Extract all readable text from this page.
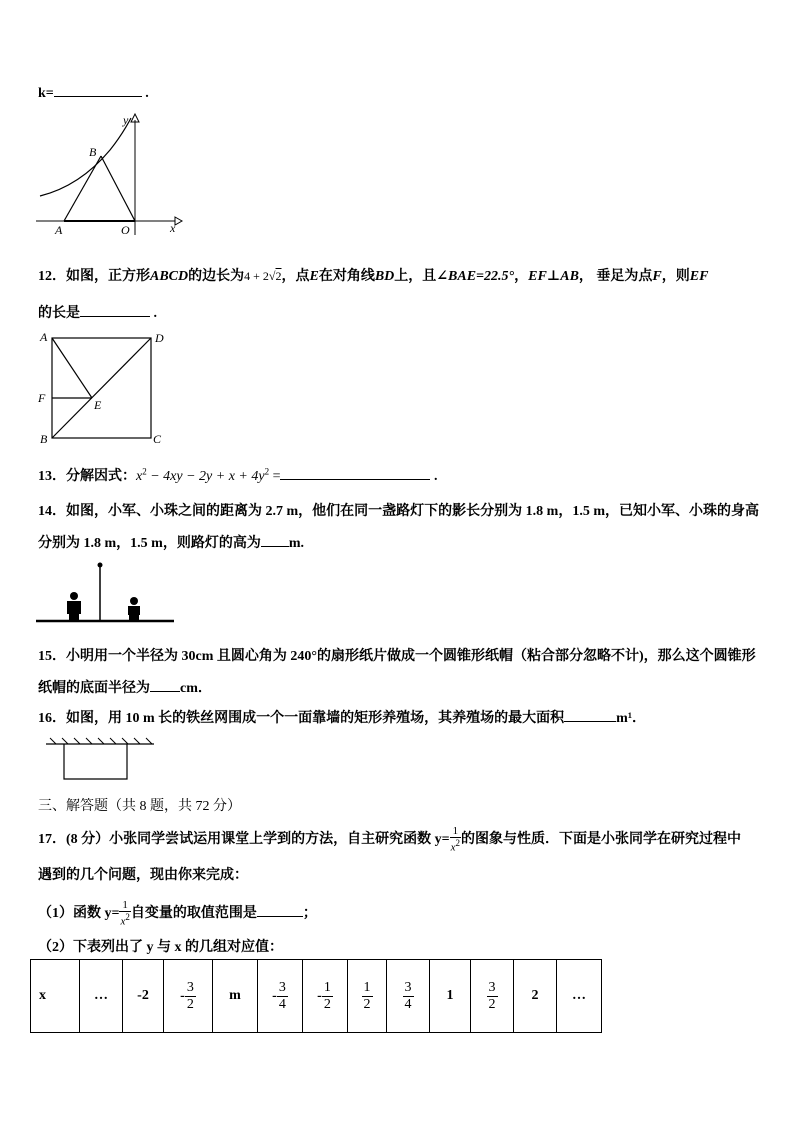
k=	.
y
B
A	O	x
12．如图，正方形ABCD的边长为4 + 2√2，点E在对角线BD上，且∠BAE=22.5°，EF⊥AB， 垂足为点F，则EF
的长是	.
A	D
F	E
B	C
13．分解因式：$x^2 - 4xy - 2y + x + 4y^2$ =	.
14．如图，小军、小珠之间的距离为 2.7 m，他们在同一盏路灯下的影长分别为 1.8 m，1.5 m，已知小军、小珠的身高
分别为 1.8 m，1.5 m，则路灯的高为 m.
15．小明用一个半径为 30cm 且圆心角为 240°的扇形纸片做成一个圆锥形纸帽（粘合部分忽略不计)，那么这个圆锥形
纸帽的底面半径为 cm．
16．如图，用 10 m 长的铁丝网围成一个一面靠墙的矩形养殖场，其养殖场的最大面积	m¹．
三、解答题（共 8 题，共 72 分）
17．(8 分）小张同学尝试运用课堂上学到的方法，自主研究函数 $y= \frac{1}{x^2}$ 的图象与性质．下面是小张同学在研究过程中
遇到的几个问题，现由你来完成：
（1）函数 $y= \frac{1}{x^2}$ 自变量的取值范围是	；
（2）下表列出了 y 与 x 的几组对应值：
x	…	-2	- $\frac{3}{2}$	m	- $\frac{3}{4}$	- $\frac{1}{2}$	$\frac{1}{2}$	$\frac{3}{4}$	1	$\frac{3}{2}$	2	…
